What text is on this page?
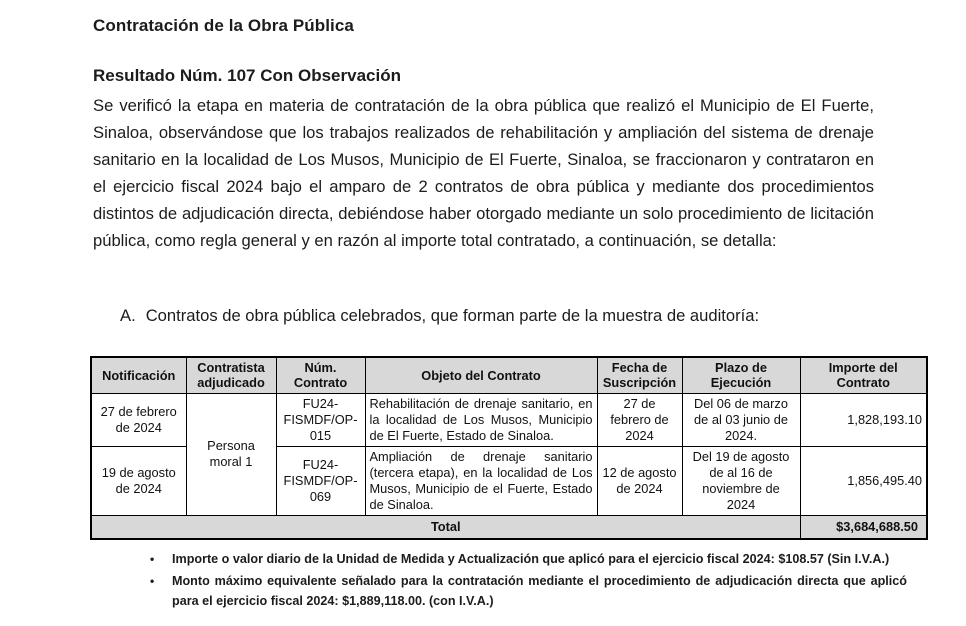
Contratación de la Obra Pública
Resultado Núm. 107 Con Observación
Se verificó la etapa en materia de contratación de la obra pública que realizó el Municipio de El Fuerte, Sinaloa, observándose que los trabajos realizados de rehabilitación y ampliación del sistema de drenaje sanitario en la localidad de Los Musos, Municipio de El Fuerte, Sinaloa, se fraccionaron y contrataron en el ejercicio fiscal 2024 bajo el amparo de 2 contratos de obra pública y mediante dos procedimientos distintos de adjudicación directa, debiéndose haber otorgado mediante un solo procedimiento de licitación pública, como regla general y en razón al importe total contratado, a continuación, se detalla:
A. Contratos de obra pública celebrados, que forman parte de la muestra de auditoría:
Notificación	Contratista adjudicado	Núm. Contrato	Objeto del Contrato	Fecha de Suscripción	Plazo de Ejecución	Importe del Contrato
27 de febrero de 2024	Persona moral 1	FU24-FISMDF/OP-015	Rehabilitación de drenaje sanitario, en la localidad de Los Musos, Municipio de El Fuerte, Estado de Sinaloa.	27 de febrero de 2024	Del 06 de marzo de al 03 junio de 2024.	1,828,193.10
19 de agosto de 2024		FU24-FISMDF/OP-069	Ampliación de drenaje sanitario (tercera etapa), en la localidad de Los Musos, Municipio de el Fuerte, Estado de Sinaloa.	12 de agosto de 2024	Del 19 de agosto de al 16 de noviembre de 2024	1,856,495.40
Total						$3,684,688.50
•	Importe o valor diario de la Unidad de Medida y Actualización que aplicó para el ejercicio fiscal 2024: $108.57 (Sin I.V.A.)
•	Monto máximo equivalente señalado para la contratación mediante el procedimiento de adjudicación directa que aplicó para el ejercicio fiscal 2024: $1,889,118.00. (con I.V.A.)
